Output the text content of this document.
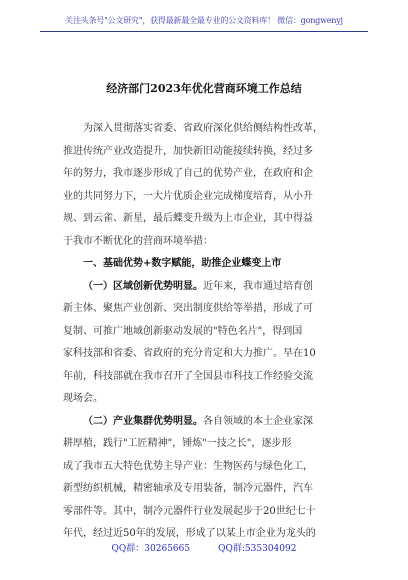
关注头条号"公文研究"，获得最新最全最专业的公文资料库！ 微信：gongwenyj
经济部门2023年优化营商环境工作总结
为深入贯彻落实省委、省政府深化供给侧结构性改革，
推进传统产业改造提升，加快新旧动能接续转换，经过多
年的努力，我市逐步形成了自己的优势产业，在政府和企
业的共同努力下，一大片优质企业完成梯度培育，从小升
规、到云雀、新星，最后蝶变升级为上市企业，其中得益
于我市不断优化的营商环境举措：
一、基础优势+数字赋能，助推企业蝶变上市
（一）区域创新优势明显。近年来，我市通过培育创
新主体、聚焦产业创新、突出制度供给等举措，形成了可
复制、可推广地域创新驱动发展的"特色名片"，得到国
家科技部和省委、省政府的充分肯定和大力推广。早在10
年前，科技部就在我市召开了全国县市科技工作经验交流
现场会。
（二）产业集群优势明显。各自领域的本土企业家深
耕厚植，践行"工匠精神"，锤炼"一技之长"，逐步形
成了我市五大特色优势主导产业：生物医药与绿色化工，
新型纺织机械，精密轴承及专用装备，制冷元器件，汽车
零部件等。其中，制冷元器件行业发展起步于20世纪七十
年代，经过近50年的发展，形成了以某上市企业为龙头的
QQ群：30265665	QQ群:535304092
